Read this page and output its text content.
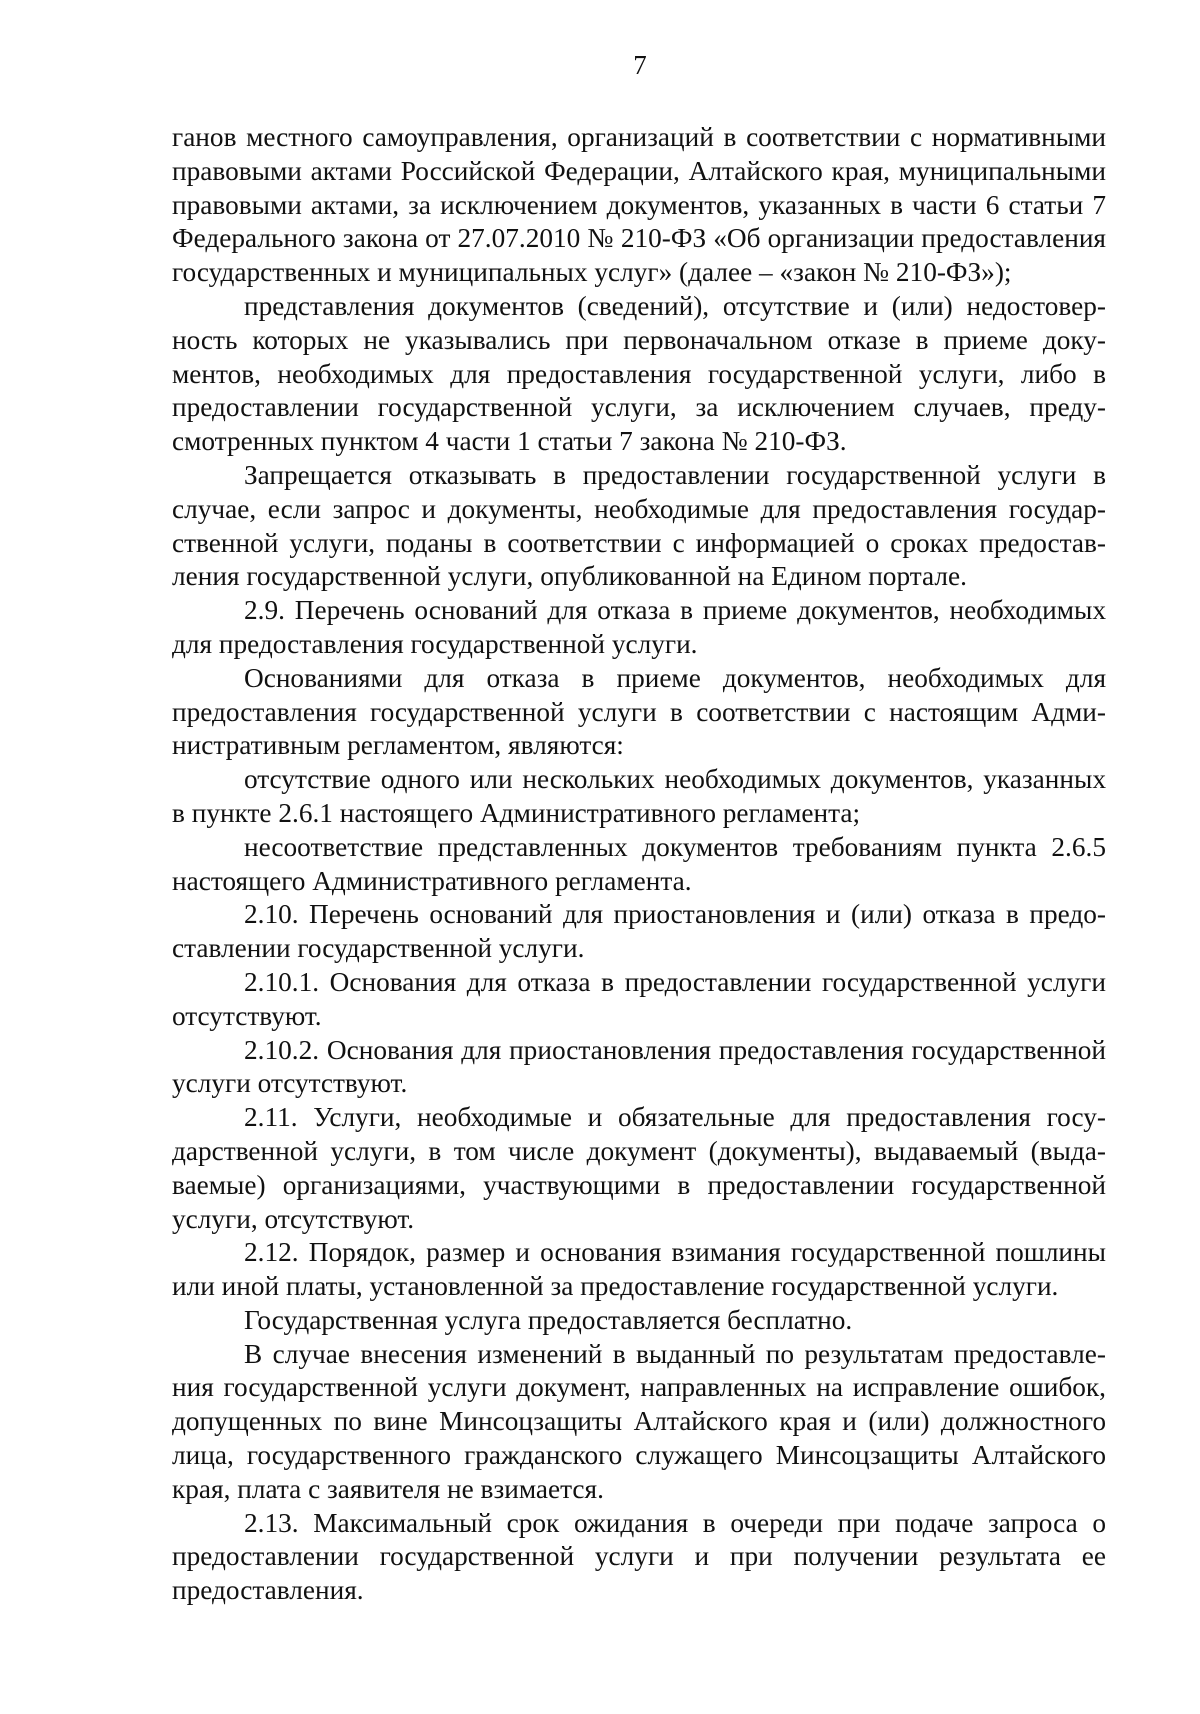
7

ганов местного самоуправления, организаций в соответствии с нормативными правовыми актами Российской Федерации, Алтайского края, муниципальными правовыми актами, за исключением документов, указанных в части 6 статьи 7 Федерального закона от 27.07.2010 № 210-ФЗ «Об организации предоставления государственных и муниципальных услуг» (далее – «закон № 210-ФЗ»);

представления документов (сведений), отсутствие и (или) недостоверность которых не указывались при первоначальном отказе в приеме документов, необходимых для предоставления государственной услуги, либо в предоставлении государственной услуги, за исключением случаев, предусмотренных пунктом 4 части 1 статьи 7 закона № 210-ФЗ.

Запрещается отказывать в предоставлении государственной услуги в случае, если запрос и документы, необходимые для предоставления государственной услуги, поданы в соответствии с информацией о сроках предоставления государственной услуги, опубликованной на Едином портале.

2.9. Перечень оснований для отказа в приеме документов, необходимых для предоставления государственной услуги.

Основаниями для отказа в приеме документов, необходимых для предоставления государственной услуги в соответствии с настоящим Административным регламентом, являются:

отсутствие одного или нескольких необходимых документов, указанных в пункте 2.6.1 настоящего Административного регламента;

несоответствие представленных документов требованиям пункта 2.6.5 настоящего Административного регламента.

2.10. Перечень оснований для приостановления и (или) отказа в предоставлении государственной услуги.

2.10.1. Основания для отказа в предоставлении государственной услуги отсутствуют.

2.10.2. Основания для приостановления предоставления государственной услуги отсутствуют.

2.11. Услуги, необходимые и обязательные для предоставления государственной услуги, в том числе документ (документы), выдаваемый (выдаваемые) организациями, участвующими в предоставлении государственной услуги, отсутствуют.

2.12. Порядок, размер и основания взимания государственной пошлины или иной платы, установленной за предоставление государственной услуги.

Государственная услуга предоставляется бесплатно.

В случае внесения изменений в выданный по результатам предоставления государственной услуги документ, направленных на исправление ошибок, допущенных по вине Минсоцзащиты Алтайского края и (или) должностного лица, государственного гражданского служащего Минсоцзащиты Алтайского края, плата с заявителя не взимается.

2.13. Максимальный срок ожидания в очереди при подаче запроса о предоставлении государственной услуги и при получении результата ее предоставления.
